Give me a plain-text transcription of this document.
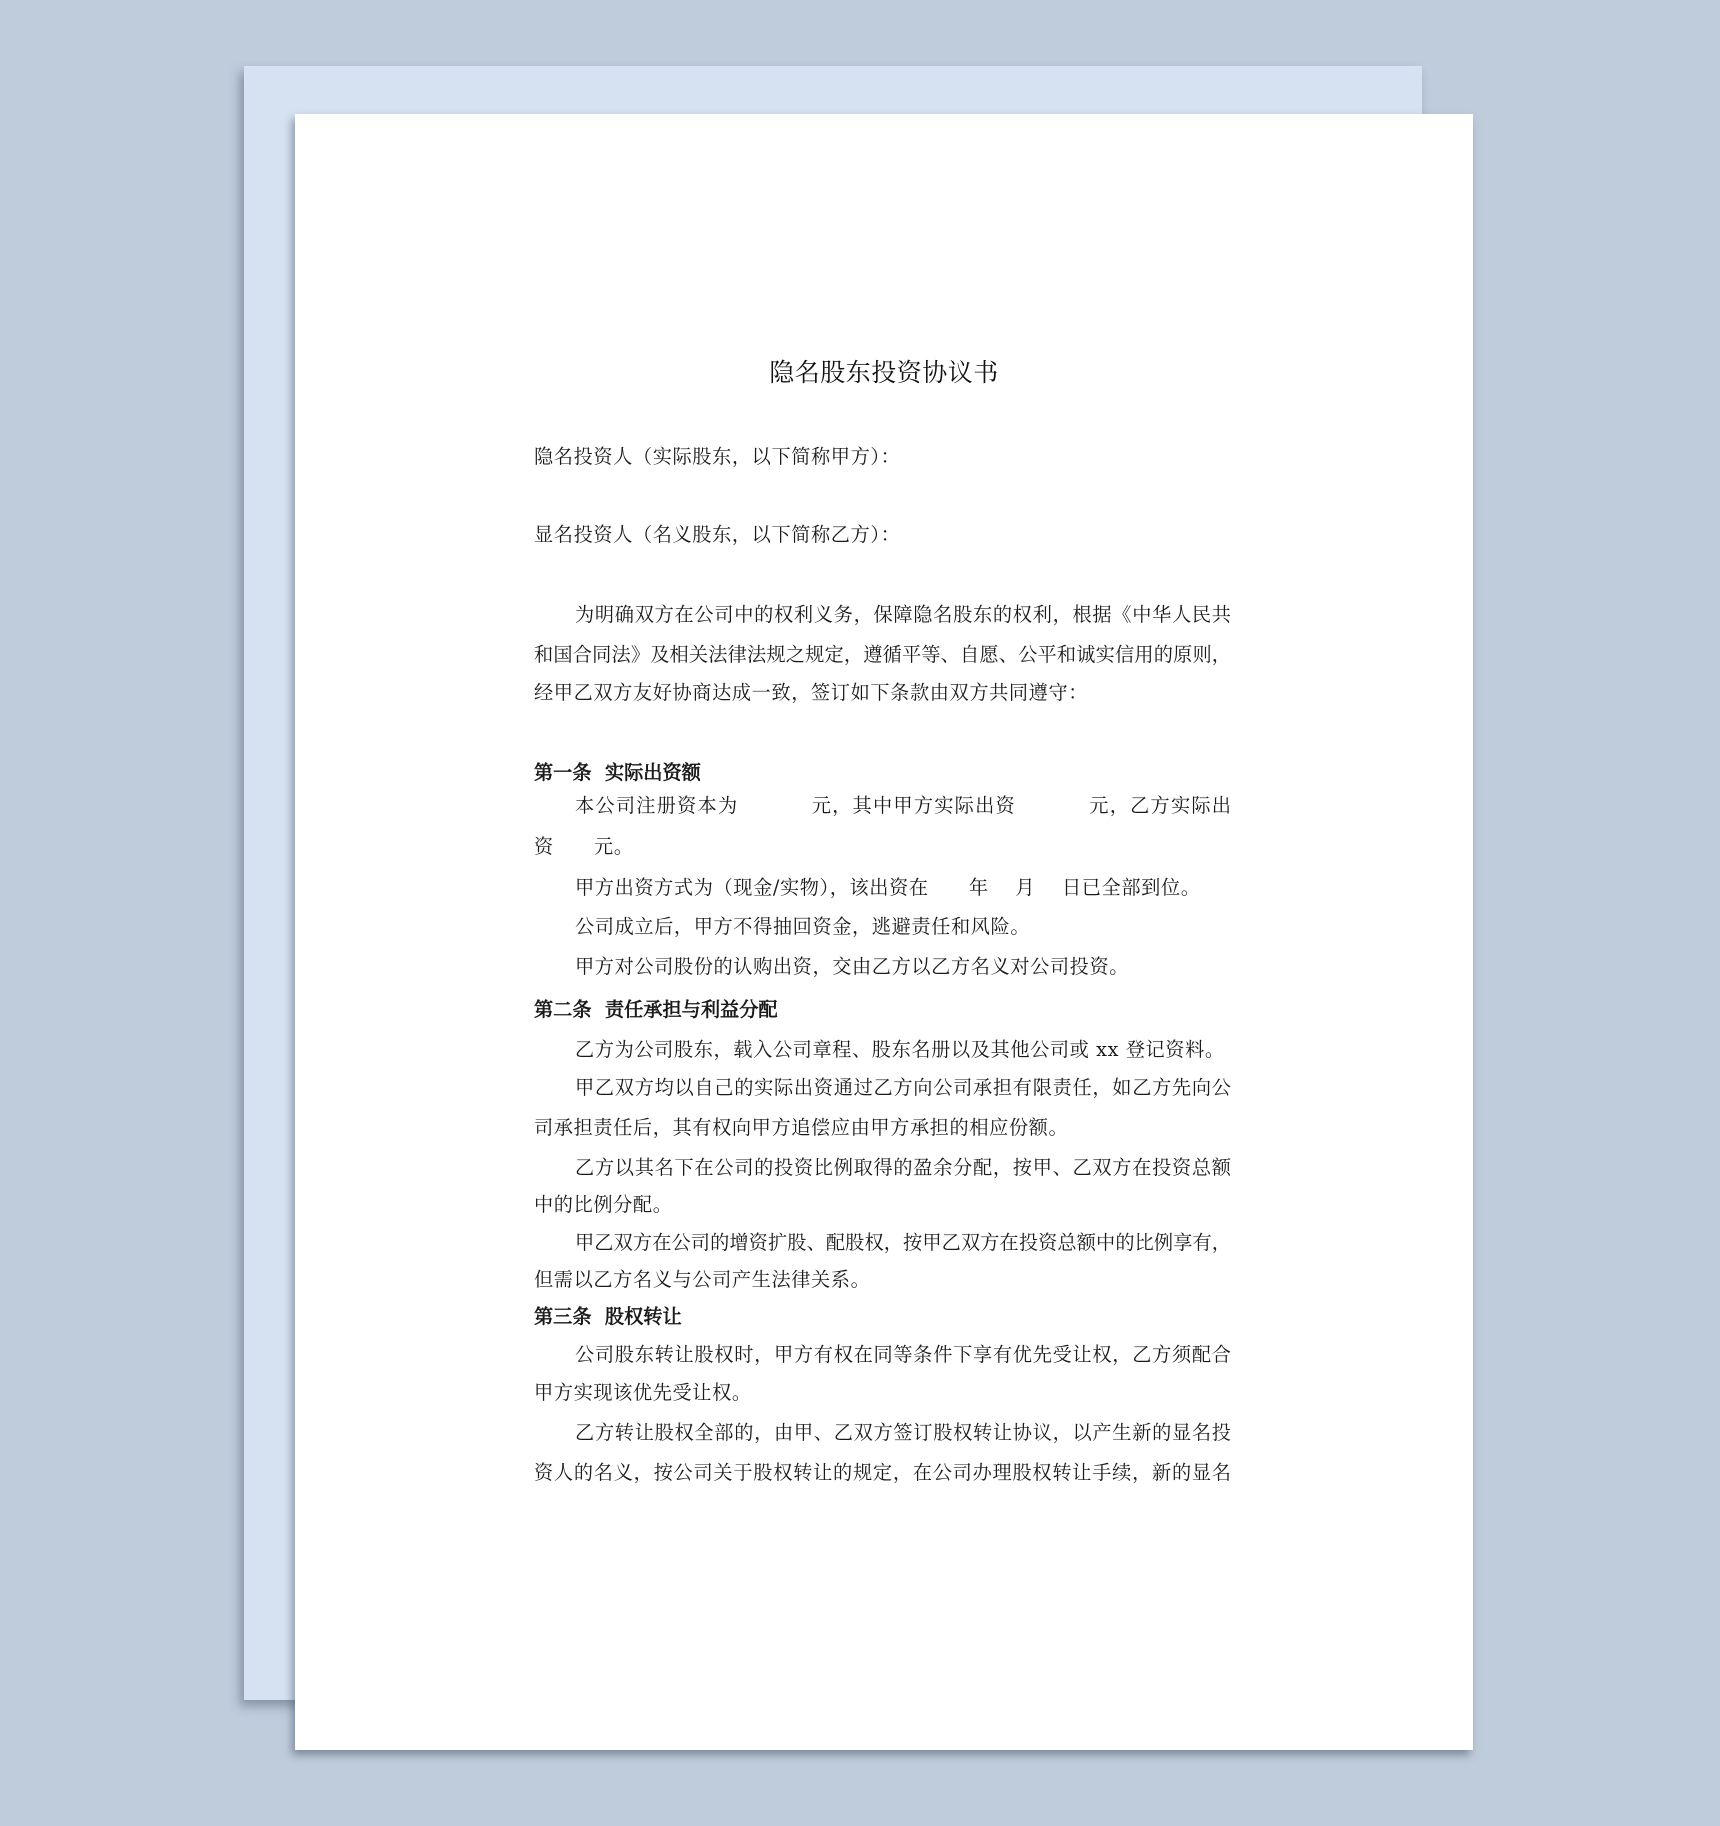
隐名股东投资协议书
隐名投资人（实际股东，以下简称甲方）：
显名投资人（名义股东，以下简称乙方）：
为明确双方在公司中的权利义务，保障隐名股东的权利，根据《中华人民共
和国合同法》及相关法律法规之规定，遵循平等、自愿、公平和诚实信用的原则，
经甲乙双方友好协商达成一致，签订如下条款由双方共同遵守：
第一条  实际出资额
本公司注册资本为          元，其中甲方实际出资          元，乙方实际出
资      元。
甲方出资方式为（现金/实物），该出资在      年    月    日已全部到位。
公司成立后，甲方不得抽回资金，逃避责任和风险。
甲方对公司股份的认购出资，交由乙方以乙方名义对公司投资。
第二条  责任承担与利益分配
乙方为公司股东，载入公司章程、股东名册以及其他公司或 xx 登记资料。
甲乙双方均以自己的实际出资通过乙方向公司承担有限责任，如乙方先向公
司承担责任后，其有权向甲方追偿应由甲方承担的相应份额。
乙方以其名下在公司的投资比例取得的盈余分配，按甲、乙双方在投资总额
中的比例分配。
甲乙双方在公司的增资扩股、配股权，按甲乙双方在投资总额中的比例享有，
但需以乙方名义与公司产生法律关系。
第三条  股权转让
公司股东转让股权时，甲方有权在同等条件下享有优先受让权，乙方须配合
甲方实现该优先受让权。
乙方转让股权全部的，由甲、乙双方签订股权转让协议，以产生新的显名投
资人的名义，按公司关于股权转让的规定，在公司办理股权转让手续，新的显名
